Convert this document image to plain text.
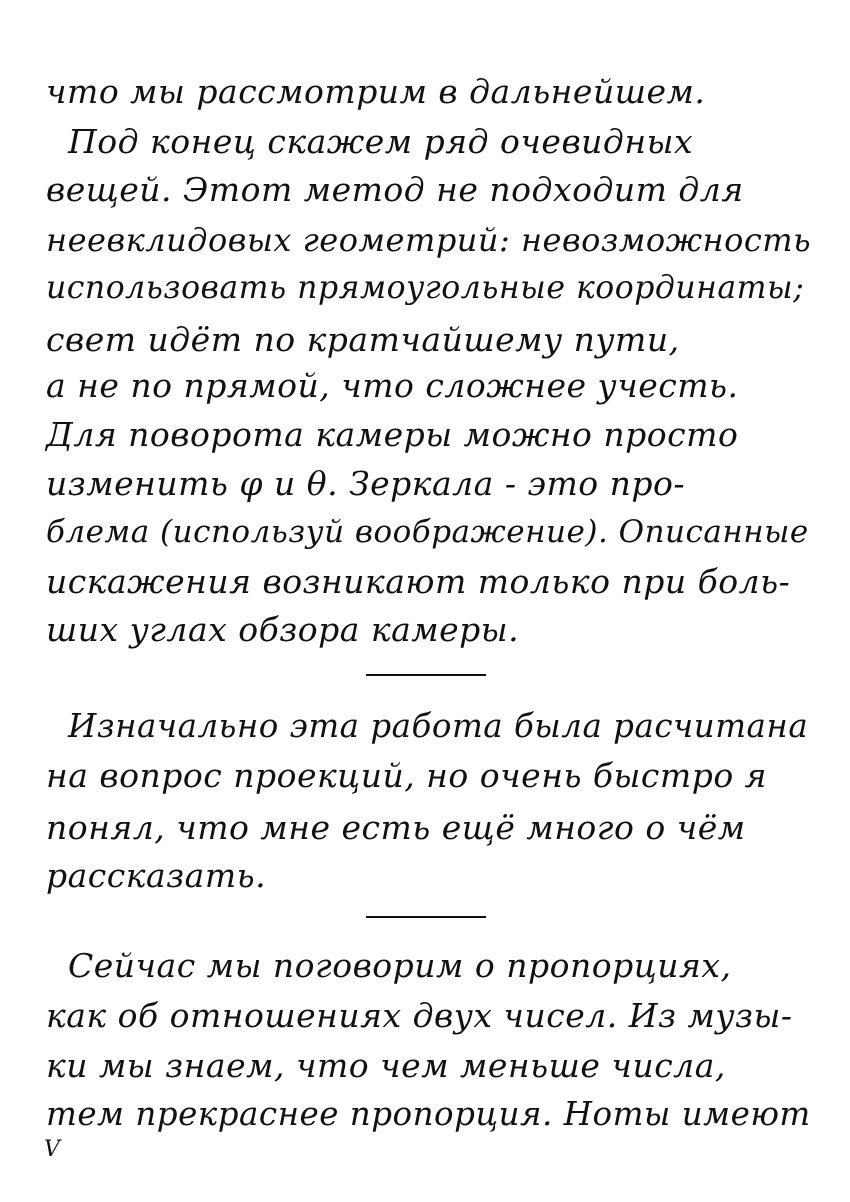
что мы рассмотрим в дальнейшем.
Под конец скажем ряд очевидных
вещей. Этот метод не подходит для
неевклидовых геометрий: невозможность
использовать прямоугольные координаты;
свет идёт по кратчайшему пути,
а не по прямой, что сложнее учесть.
Для поворота камеры можно просто
изменить φ и θ. Зеркала - это про-
блема (используй воображение). Описанные
искажения возникают только при боль-
ших углах обзора камеры.
Изначально эта работа была расчитана
на вопрос проекций, но очень быстро я
понял, что мне есть ещё много о чём
рассказать.
Сейчас мы поговорим о пропорциях,
как об отношениях двух чисел. Из музы-
ки мы знаем, что чем меньше числа,
тем прекраснее пропорция. Ноты имеют
V
